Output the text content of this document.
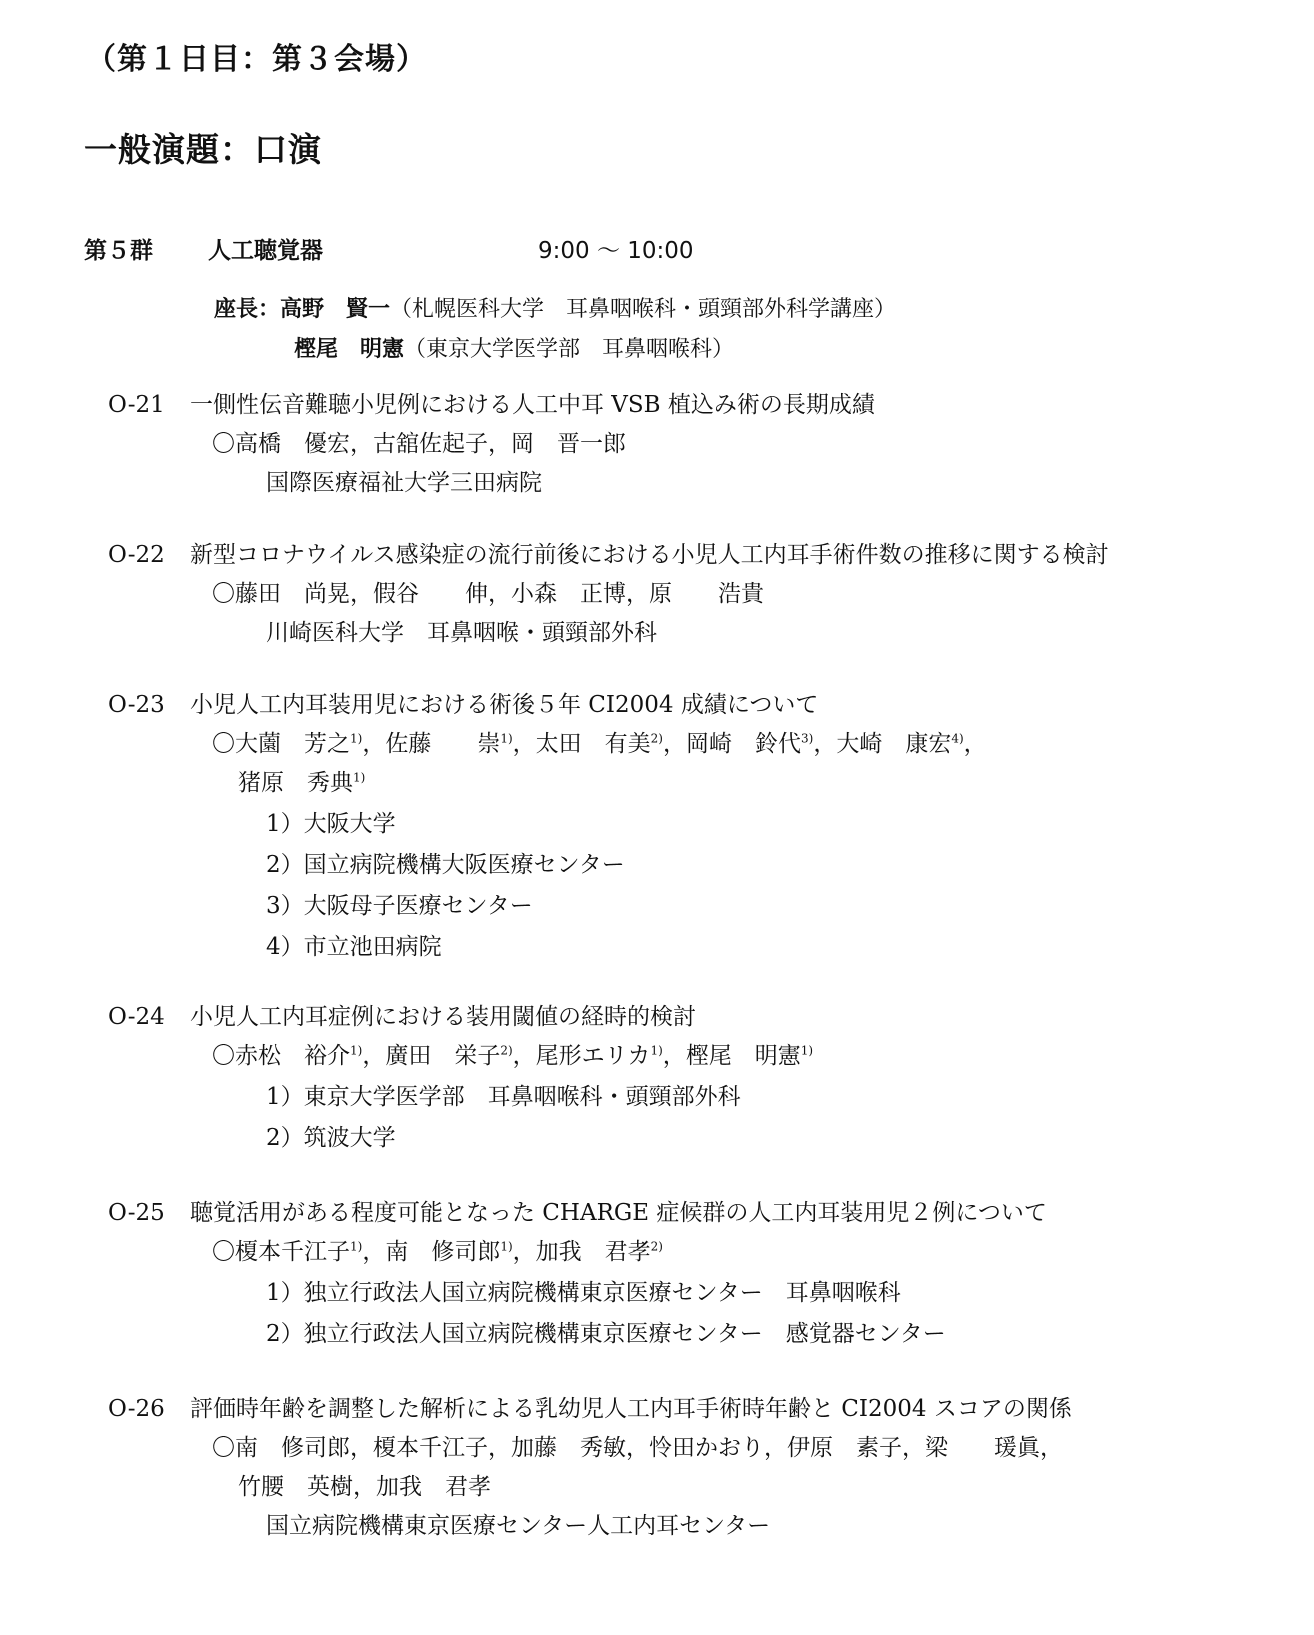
（第１日目：第３会場）
一般演題：口演
第５群 人工聴覚器	9:00 〜 10:00
座長：高野　賢一（札幌医科大学　耳鼻咽喉科・頭頸部外科学講座）
樫尾　明憲（東京大学医学部　耳鼻咽喉科）
O-21 一側性伝音難聴小児例における人工中耳 VSB 植込み術の長期成績
〇高橋　優宏，古舘佐起子，岡　晋一郎
国際医療福祉大学三田病院
O-22 新型コロナウイルス感染症の流行前後における小児人工内耳手術件数の推移に関する検討
〇藤田　尚晃，假谷　　伸，小森　正博，原　　浩貴
川崎医科大学　耳鼻咽喉・頭頸部外科
O-23 小児人工内耳装用児における術後５年 CI2004 成績について
〇大薗　芳之$^{1)}$，佐藤　　崇$^{1)}$，太田　有美$^{2)}$，岡崎　鈴代$^{3)}$，大崎　康宏$^{4)}$，
猪原　秀典$^{1)}$
1）大阪大学
2）国立病院機構大阪医療センター
3）大阪母子医療センター
4）市立池田病院
O-24 小児人工内耳症例における装用閾値の経時的検討
〇赤松　裕介$^{1)}$，廣田　栄子$^{2)}$，尾形エリカ$^{1)}$，樫尾　明憲$^{1)}$
1）東京大学医学部　耳鼻咽喉科・頭頸部外科
2）筑波大学
O-25 聴覚活用がある程度可能となった CHARGE 症候群の人工内耳装用児２例について
〇榎本千江子$^{1)}$，南　修司郎$^{1)}$，加我　君孝$^{2)}$
1）独立行政法人国立病院機構東京医療センター　耳鼻咽喉科
2）独立行政法人国立病院機構東京医療センター　感覚器センター
O-26 評価時年齢を調整した解析による乳幼児人工内耳手術時年齢と CI2004 スコアの関係
〇南　修司郎，榎本千江子，加藤　秀敏，怜田かおり，伊原　素子，梁　　瑗眞，
竹腰　英樹，加我　君孝
国立病院機構東京医療センター人工内耳センター
